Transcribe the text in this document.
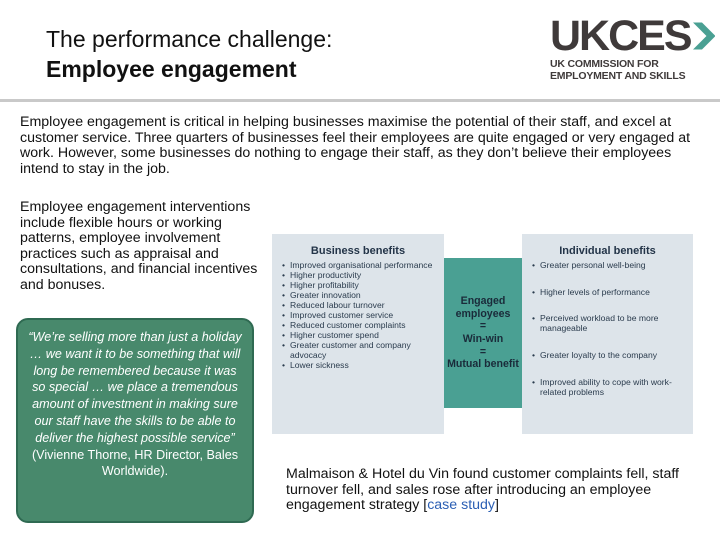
The performance challenge:
Employee engagement
UKCES
UK COMMISSION FOR
EMPLOYMENT AND SKILLS
Employee engagement is critical in helping businesses maximise the potential of their staff, and excel at customer service. Three quarters of businesses feel their employees are quite engaged or very engaged at work. However, some businesses do nothing to engage their staff, as they don’t believe their employees intend to stay in the job.
Employee engagement interventions include flexible hours or working patterns, employee involvement practices such as appraisal and consultations, and financial incentives and bonuses.
“We’re selling more than just a holiday … we want it to be something that will long be remembered because it was so special … we place a tremendous amount of investment in making sure our staff have the skills to be able to deliver the highest possible service” (Vivienne Thorne, HR Director, Bales Worldwide).
Business benefits
• Improved organisational performance
• Higher productivity
• Higher profitability
• Greater innovation
• Reduced labour turnover
• Improved customer service
• Reduced customer complaints
• Higher customer spend
• Greater customer and company advocacy
• Lower sickness
Engaged employees
=
Win-win
=
Mutual benefit
Individual benefits
• Greater personal well-being
• Higher levels of performance
• Perceived workload to be more manageable
• Greater loyalty to the company
• Improved ability to cope with work-related problems
Malmaison & Hotel du Vin found customer complaints fell, staff turnover fell, and sales rose after introducing an employee engagement strategy [case study]
